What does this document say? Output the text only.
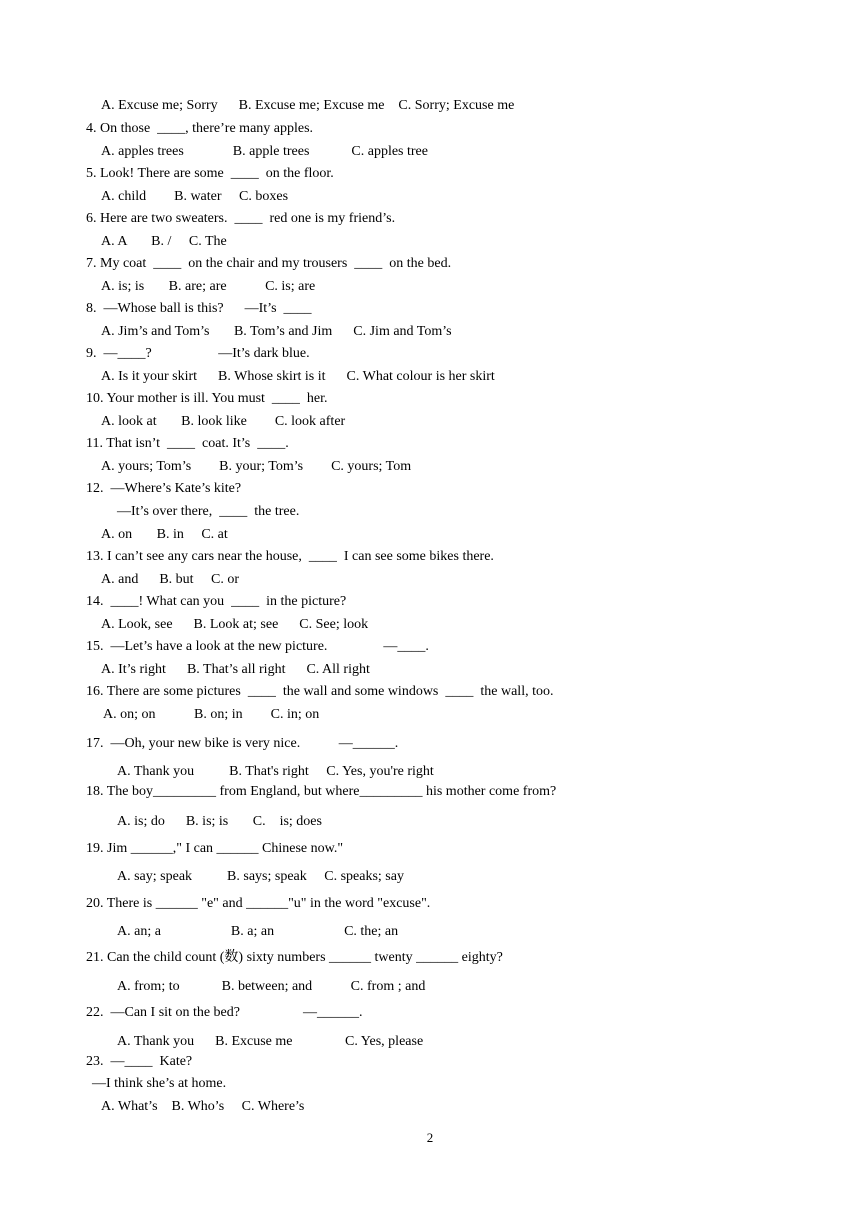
A. Excuse me; Sorry      B. Excuse me; Excuse me    C. Sorry; Excuse me
4. On those  ____, there’re many apples.
A. apples trees              B. apple trees            C. apples tree
5. Look! There are some  ____  on the floor.
A. child        B. water     C. boxes
6. Here are two sweaters.  ____  red one is my friend’s.
A. A       B. /     C. The
7. My coat  ____  on the chair and my trousers  ____  on the bed.
A. is; is       B. are; are           C. is; are
8.  —Whose ball is this?      —It’s  ____
A. Jim’s and Tom’s       B. Tom’s and Jim      C. Jim and Tom’s
9.  —____?                   —It’s dark blue.
A. Is it your skirt      B. Whose skirt is it      C. What colour is her skirt
10. Your mother is ill. You must  ____  her.
A. look at       B. look like        C. look after
11. That isn’t  ____  coat. It’s  ____.
A. yours; Tom’s        B. your; Tom’s        C. yours; Tom
12.  —Where’s Kate’s kite?
—It’s over there,  ____  the tree.
A. on       B. in     C. at
13. I can’t see any cars near the house,  ____  I can see some bikes there.
A. and      B. but     C. or
14.  ____! What can you  ____  in the picture?
A. Look, see      B. Look at; see      C. See; look
15.  —Let’s have a look at the new picture.                —____.
A. It’s right      B. That’s all right      C. All right
16. There are some pictures  ____  the wall and some windows  ____  the wall, too.
A. on; on           B. on; in        C. in; on
17.  —Oh, your new bike is very nice.           —______.
A. Thank you          B. That's right     C. Yes, you're right
18. The boy_________ from England, but where_________ his mother come from?
A. is; do      B. is; is       C.    is; does
19. Jim ______," I can ______ Chinese now."
A. say; speak          B. says; speak     C. speaks; say
20. There is ______ "e" and ______"u" in the word "excuse".
A. an; a                    B. a; an                    C. the; an
21. Can the child count (数) sixty numbers ______ twenty ______ eighty?
A. from; to            B. between; and           C. from ; and
22.  —Can I sit on the bed?                  —______.
A. Thank you      B. Excuse me               C. Yes, please
23.  —____  Kate?
—I think she’s at home.
A. What’s    B. Who’s     C. Where’s
2
